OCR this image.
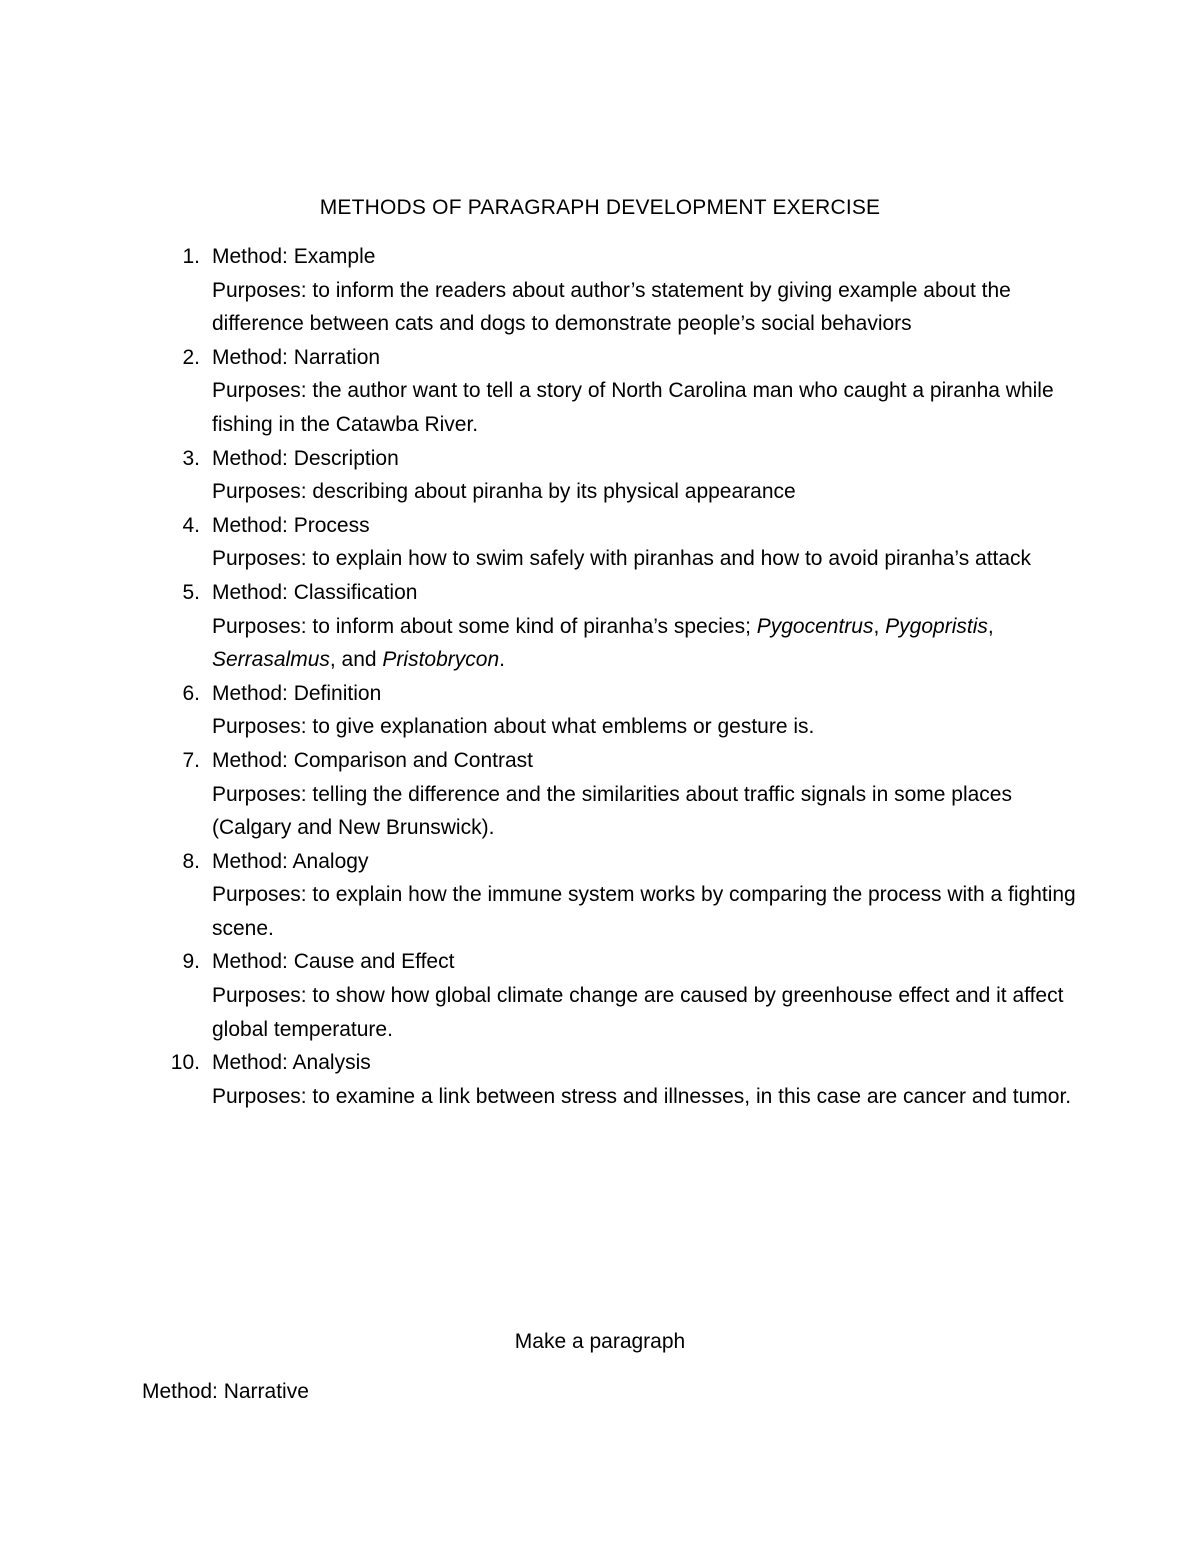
METHODS OF PARAGRAPH DEVELOPMENT EXERCISE
1. Method: Example
Purposes: to inform the readers about author’s statement by giving example about the difference between cats and dogs to demonstrate people’s social behaviors
2. Method: Narration
Purposes: the author want to tell a story of North Carolina man who caught a piranha while fishing in the Catawba River.
3. Method: Description
Purposes: describing about piranha by its physical appearance
4. Method: Process
Purposes: to explain how to swim safely with piranhas and how to avoid piranha’s attack
5. Method: Classification
Purposes: to inform about some kind of piranha’s species; Pygocentrus, Pygopristis, Serrasalmus, and Pristobrycon.
6. Method: Definition
Purposes: to give explanation about what emblems or gesture is.
7. Method: Comparison and Contrast
Purposes: telling the difference and the similarities about traffic signals in some places (Calgary and New Brunswick).
8. Method: Analogy
Purposes: to explain how the immune system works by comparing the process with a fighting scene.
9. Method: Cause and Effect
Purposes: to show how global climate change are caused by greenhouse effect and it affect global temperature.
10. Method: Analysis
Purposes: to examine a link between stress and illnesses, in this case are cancer and tumor.
Make a paragraph
Method: Narrative
